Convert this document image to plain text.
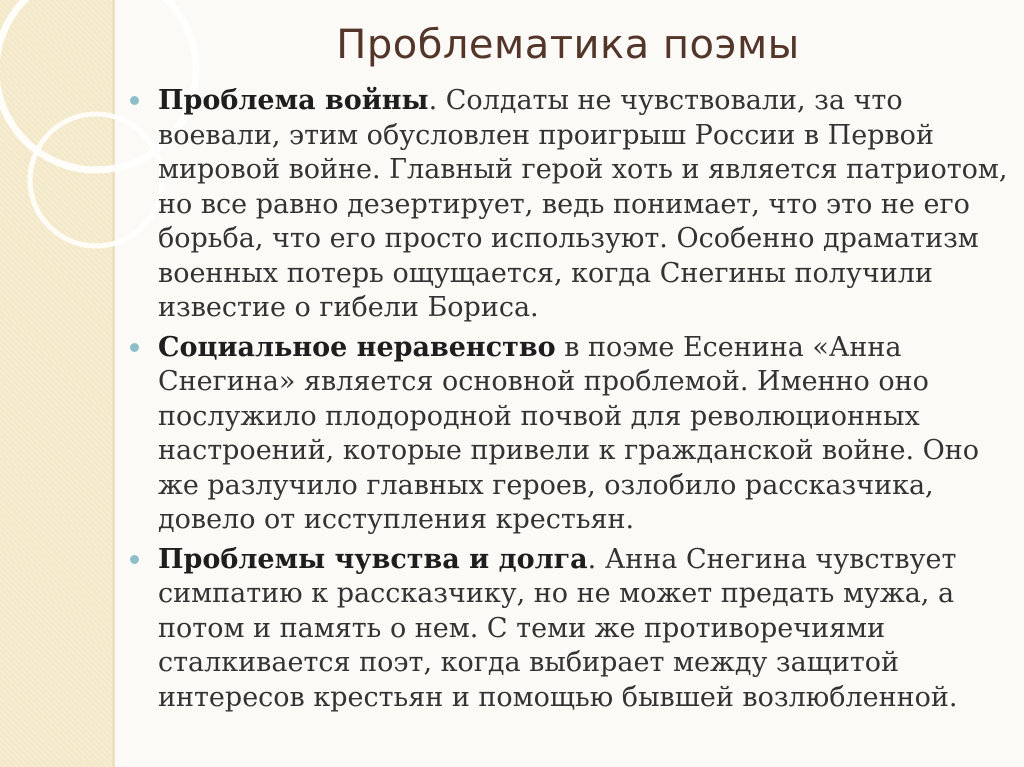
Проблематика поэмы
Проблема войны. Солдаты не чувствовали, за что воевали, этим обусловлен проигрыш России в Первой мировой войне. Главный герой хоть и является патриотом, но все равно дезертирует, ведь понимает, что это не его борьба, что его просто используют. Особенно драматизм военных потерь ощущается, когда Снегины получили известие о гибели Бориса.
Социальное неравенство в поэме Есенина «Анна Снегина» является основной проблемой. Именно оно послужило плодородной почвой для революционных настроений, которые привели к гражданской войне. Оно же разлучило главных героев, озлобило рассказчика, довело от исступления крестьян.
Проблемы чувства и долга. Анна Снегина чувствует симпатию к рассказчику, но не может предать мужа, а потом и память о нем. С теми же противоречиями сталкивается поэт, когда выбирает между защитой интересов крестьян и помощью бывшей возлюбленной.
